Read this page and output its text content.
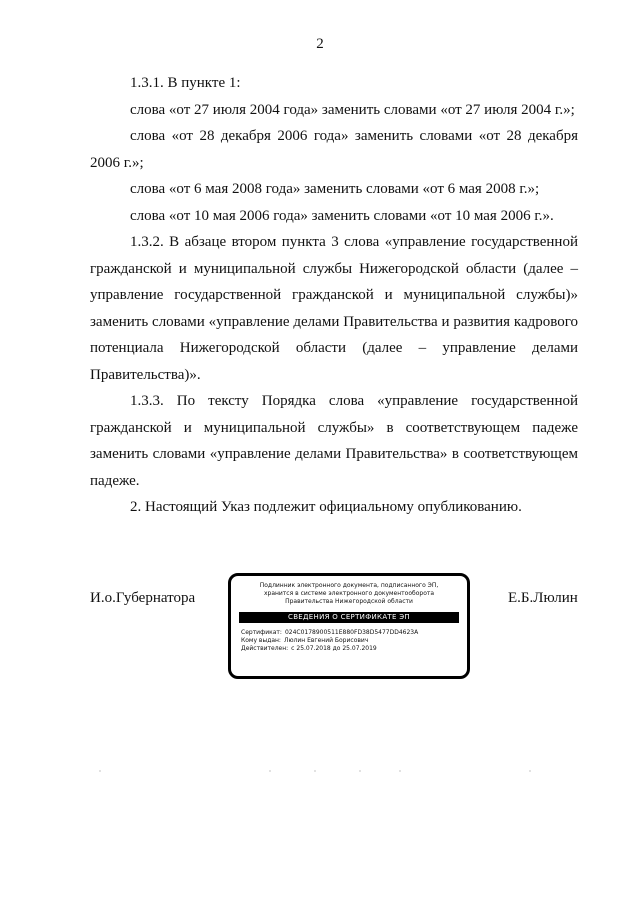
2

1.3.1. В пункте 1:

слова «от 27 июля 2004 года» заменить словами «от 27 июля 2004 г.»;

слова «от 28 декабря 2006 года» заменить словами «от 28 декабря 2006 г.»;

слова «от 6 мая 2008 года» заменить словами «от 6 мая 2008 г.»;

слова «от 10 мая 2006 года» заменить словами «от 10 мая 2006 г.».

1.3.2. В абзаце втором пункта 3 слова «управление государственной гражданской и муниципальной службы Нижегородской области (далее – управление государственной гражданской и муниципальной службы)» заменить словами «управление делами Правительства и развития кадрового потенциала Нижегородской области (далее – управление делами Правительства)».

1.3.3. По тексту Порядка слова «управление государственной гражданской и муниципальной службы» в соответствующем падеже заменить словами «управление делами Правительства» в соответствующем падеже.

2. Настоящий Указ подлежит официальному опубликованию.

И.о.Губернатора
Подлинник электронного документа, подписанного ЭП,
хранится в системе электронного документооборота
Правительства Нижегородской области
СВЕДЕНИЯ О СЕРТИФИКАТЕ ЭП
Сертификат: 024C0178900511E880FD38D5477DD4623A
Кому выдан: Люлин Евгений Борисович
Действителен: с 25.07.2018 до 25.07.2019
Е.Б.Люлин
